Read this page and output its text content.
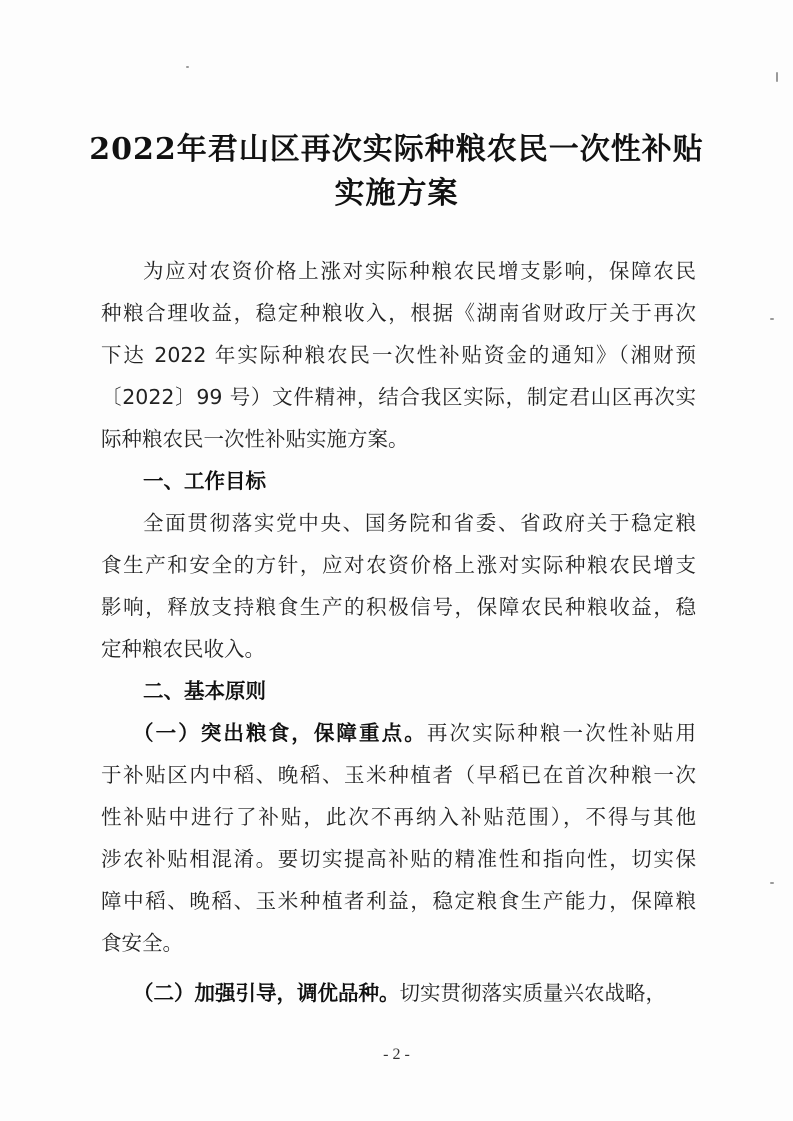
2022年君山区再次实际种粮农民一次性补贴
实施方案
为应对农资价格上涨对实际种粮农民增支影响，保障农民
种粮合理收益，稳定种粮收入，根据《湖南省财政厅关于再次
下达 2022 年实际种粮农民一次性补贴资金的通知》（湘财预
〔2022〕99 号）文件精神，结合我区实际，制定君山区再次实
际种粮农民一次性补贴实施方案。
一、工作目标
全面贯彻落实党中央、国务院和省委、省政府关于稳定粮
食生产和安全的方针，应对农资价格上涨对实际种粮农民增支
影响，释放支持粮食生产的积极信号，保障农民种粮收益，稳
定种粮农民收入。
二、基本原则
（一）突出粮食，保障重点。再次实际种粮一次性补贴用
于补贴区内中稻、晚稻、玉米种植者（早稻已在首次种粮一次
性补贴中进行了补贴，此次不再纳入补贴范围），不得与其他
涉农补贴相混淆。要切实提高补贴的精准性和指向性，切实保
障中稻、晚稻、玉米种植者利益，稳定粮食生产能力，保障粮
食安全。
（二）加强引导，调优品种。切实贯彻落实质量兴农战略，
- 2 -
